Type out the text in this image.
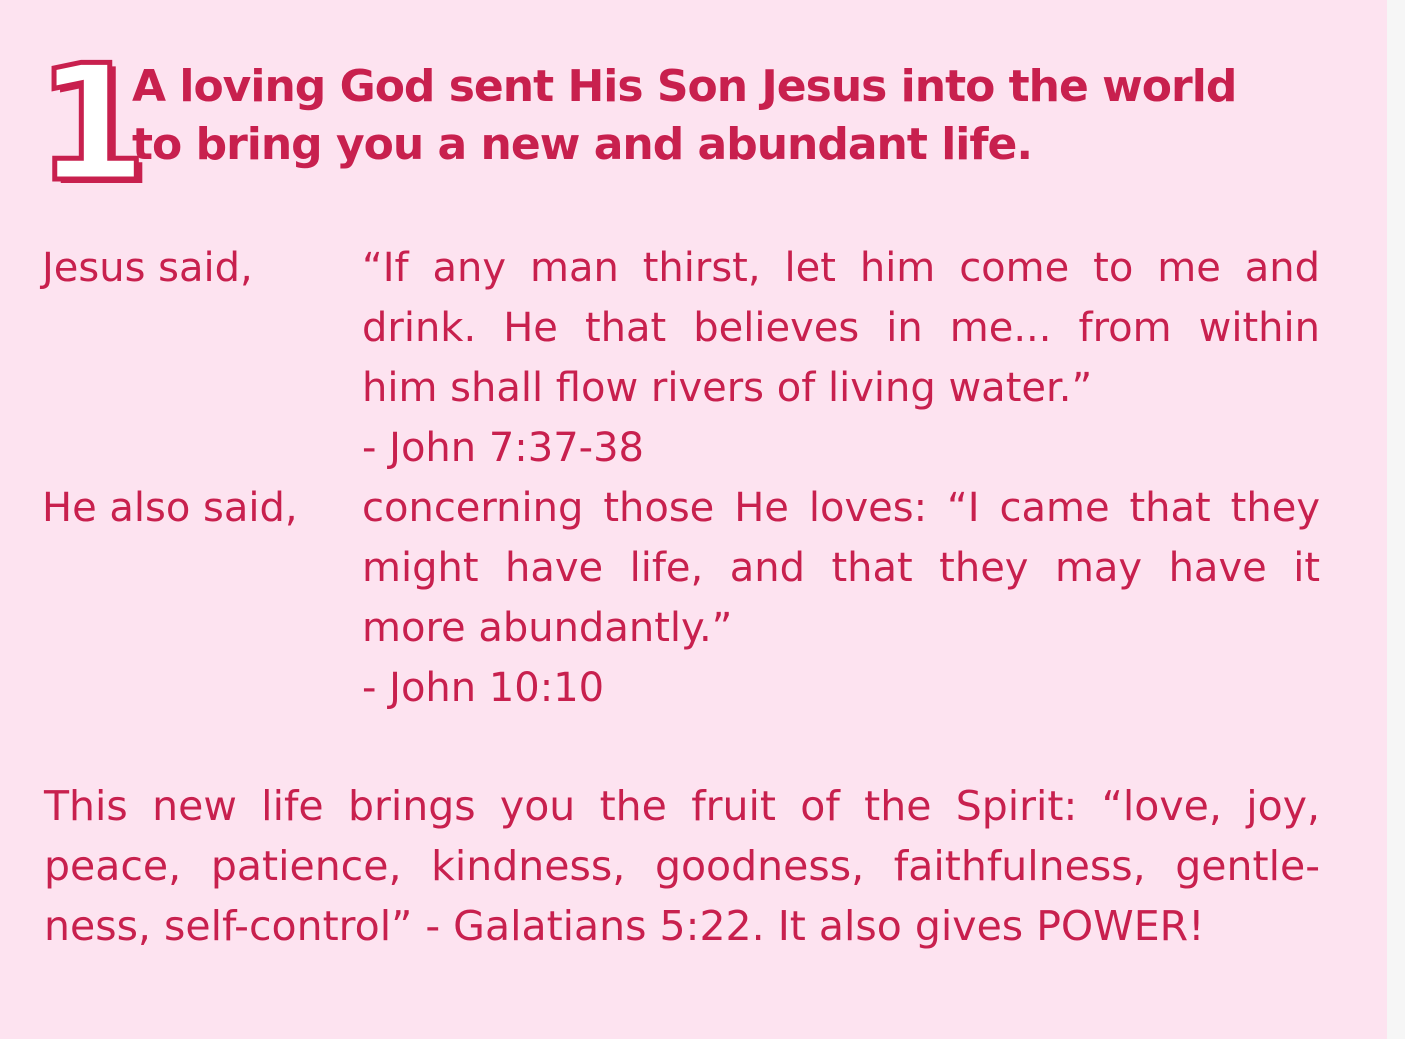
1
A loving God sent His Son Jesus into the world
to bring you a new and abundant life.
Jesus said,	“If any man thirst, let him come to me and
drink. He that believes in me... from within
him shall flow rivers of living water.”
- John 7:37-38
He also said, concerning those He loves: “I came that they
might have life, and that they may have it
more abundantly.”
- John 10:10
This new life brings you the fruit of the Spirit: “love, joy,
peace, patience, kindness, goodness, faithfulness, gentle-
ness, self-control” - Galatians 5:22. It also gives POWER!
